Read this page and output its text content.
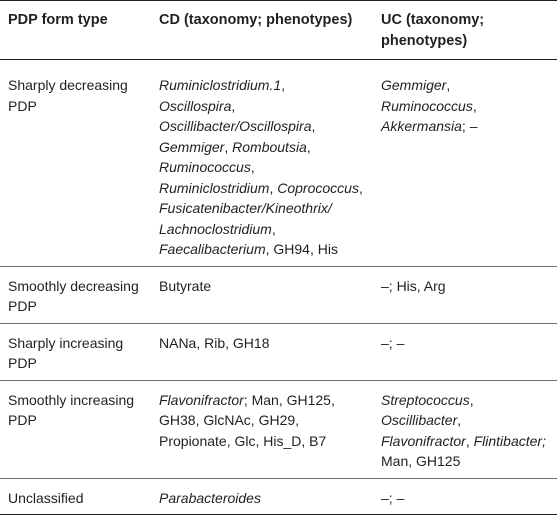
PDP form type	CD (taxonomy; phenotypes)	UC (taxonomy; phenotypes)
Sharply decreasing PDP	Ruminiclostridium.1, Oscillospira, Oscillibacter/Oscillospira, Gemmiger, Romboutsia, Ruminococcus, Ruminiclostridium, Coprococcus, Fusicatenibacter/Kineothrix/ Lachnoclostridium, Faecalibacterium, GH94, His	Gemmiger, Ruminococcus, Akkermansia; –
Smoothly decreasing PDP	Butyrate	–; His, Arg
Sharply increasing PDP	NANa, Rib, GH18	–; –
Smoothly increasing PDP	Flavonifractor; Man, GH125, GH38, GlcNAc, GH29, Propionate, Glc, His_D, B7	Streptococcus, Oscillibacter, Flavonifractor, Flintibacter; Man, GH125
Unclassified	Parabacteroides	–; –
